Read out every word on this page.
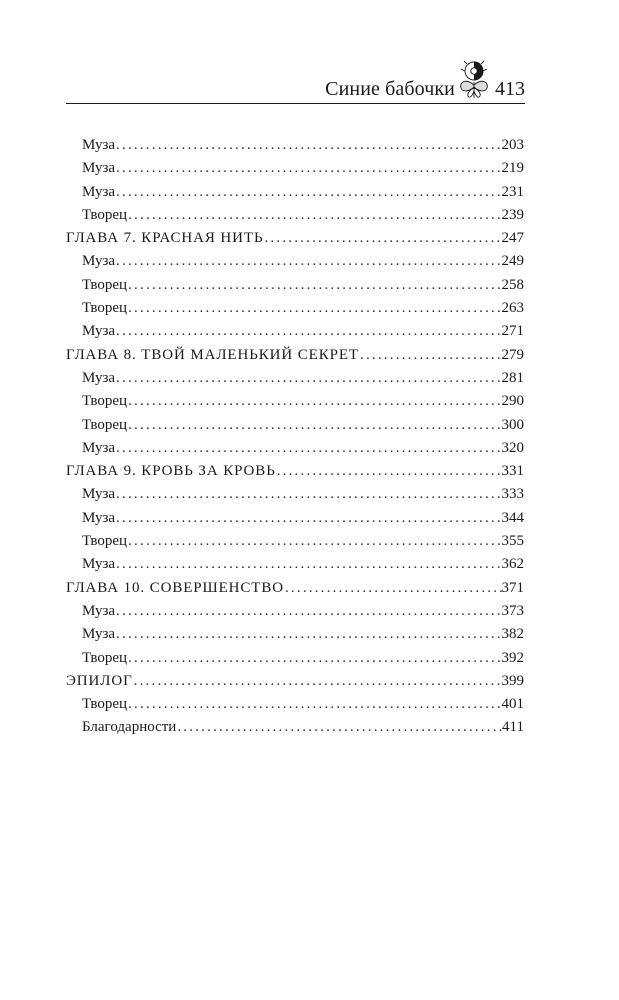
Синие бабочки 413
Муза .....	203
Муза .....	219
Муза .....	231
Творец .....	239
ГЛАВА 7. КРАСНАЯ НИТЬ .....	247
Муза .....	249
Творец .....	258
Творец .....	263
Муза .....	271
ГЛАВА 8. ТВОЙ МАЛЕНЬКИЙ СЕКРЕТ .....	279
Муза .....	281
Творец .....	290
Творец .....	300
Муза .....	320
ГЛАВА 9. КРОВЬ ЗА КРОВЬ .....	331
Муза .....	333
Муза .....	344
Творец .....	355
Муза .....	362
ГЛАВА 10. СОВЕРШЕНСТВО .....	371
Муза .....	373
Муза .....	382
Творец .....	392
ЭПИЛОГ .....	399
Творец .....	401
Благодарности .....	411
